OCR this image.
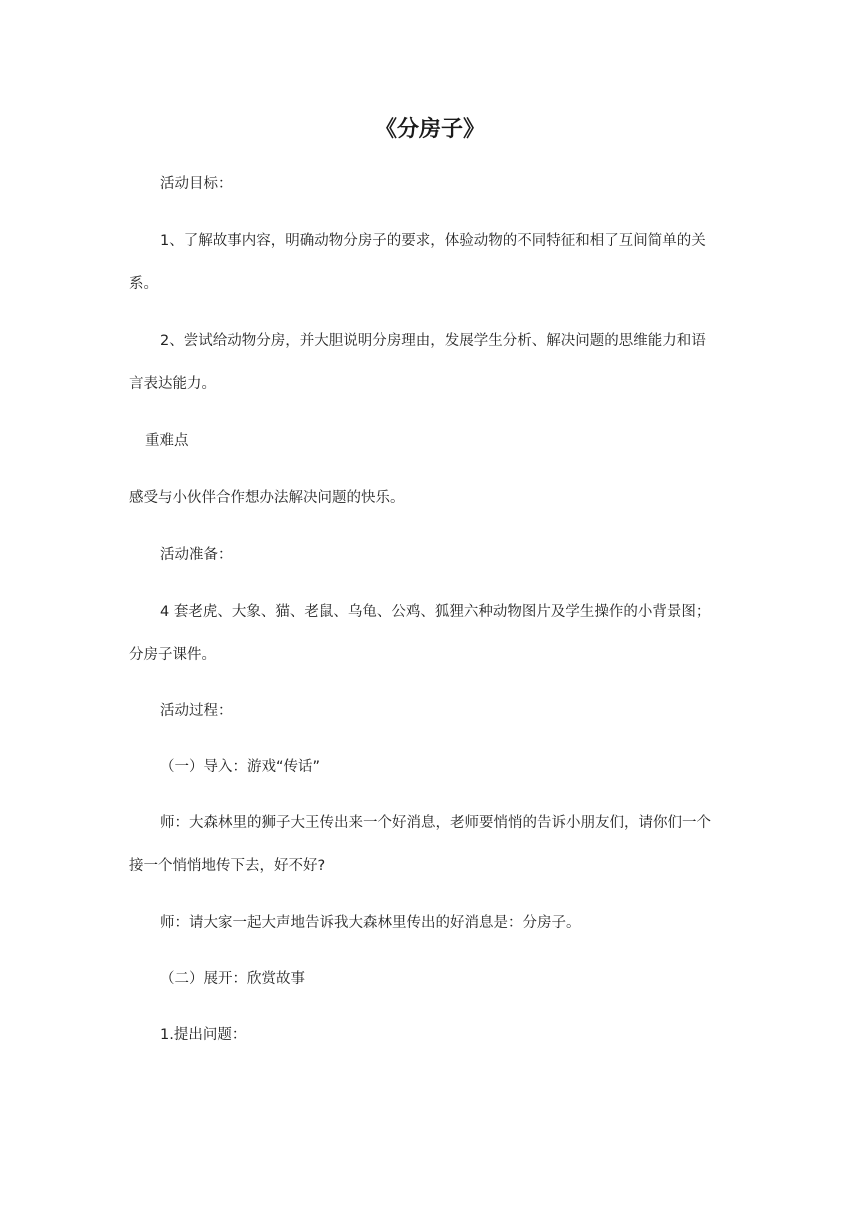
《分房子》
活动目标：
1、了解故事内容，明确动物分房子的要求，体验动物的不同特征和相了互间简单的关
系。
2、尝试给动物分房，并大胆说明分房理由，发展学生分析、解决问题的思维能力和语
言表达能力。
重难点
感受与小伙伴合作想办法解决问题的快乐。
活动准备：
4 套老虎、大象、猫、老鼠、乌龟、公鸡、狐狸六种动物图片及学生操作的小背景图；
分房子课件。
活动过程：
（一）导入：游戏“传话”
师：大森林里的狮子大王传出来一个好消息，老师要悄悄的告诉小朋友们，请你们一个
接一个悄悄地传下去，好不好?
师：请大家一起大声地告诉我大森林里传出的好消息是：分房子。
（二）展开：欣赏故事
1.提出问题：
